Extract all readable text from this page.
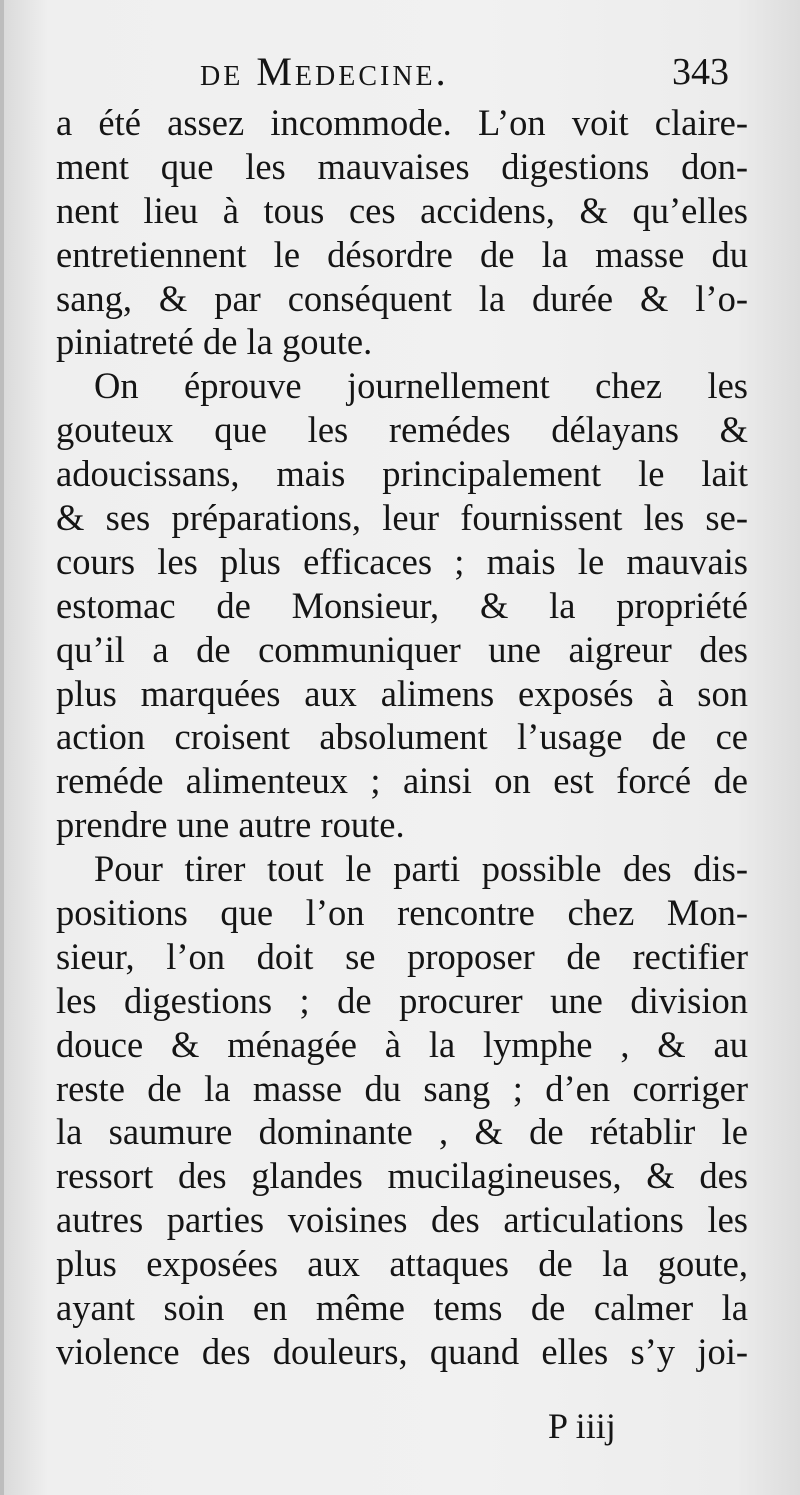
de Medecine.	343
a été assez incommode. L’on voit claire-
ment que les mauvaises digestions don-
nent lieu à tous ces accidens, & qu’elles
entretiennent le désordre de la masse du
sang, & par conséquent la durée & l’o-
piniatreté de la goute.
On éprouve journellement chez les
gouteux que les remédes délayans &
adoucissans, mais principalement le lait
& ses préparations, leur fournissent les se-
cours les plus efficaces ; mais le mauvais
estomac de Monsieur, & la propriété
qu’il a de communiquer une aigreur des
plus marquées aux alimens exposés à son
action croisent absolument l’usage de ce
reméde alimenteux ; ainsi on est forcé de
prendre une autre route.
Pour tirer tout le parti possible des dis-
positions que l’on rencontre chez Mon-
sieur, l’on doit se proposer de rectifier
les digestions ; de procurer une division
douce & ménagée à la lymphe , & au
reste de la masse du sang ; d’en corriger
la saumure dominante , & de rétablir le
ressort des glandes mucilagineuses, & des
autres parties voisines des articulations les
plus exposées aux attaques de la goute,
ayant soin en même tems de calmer la
violence des douleurs, quand elles s’y joi-
P iiij
